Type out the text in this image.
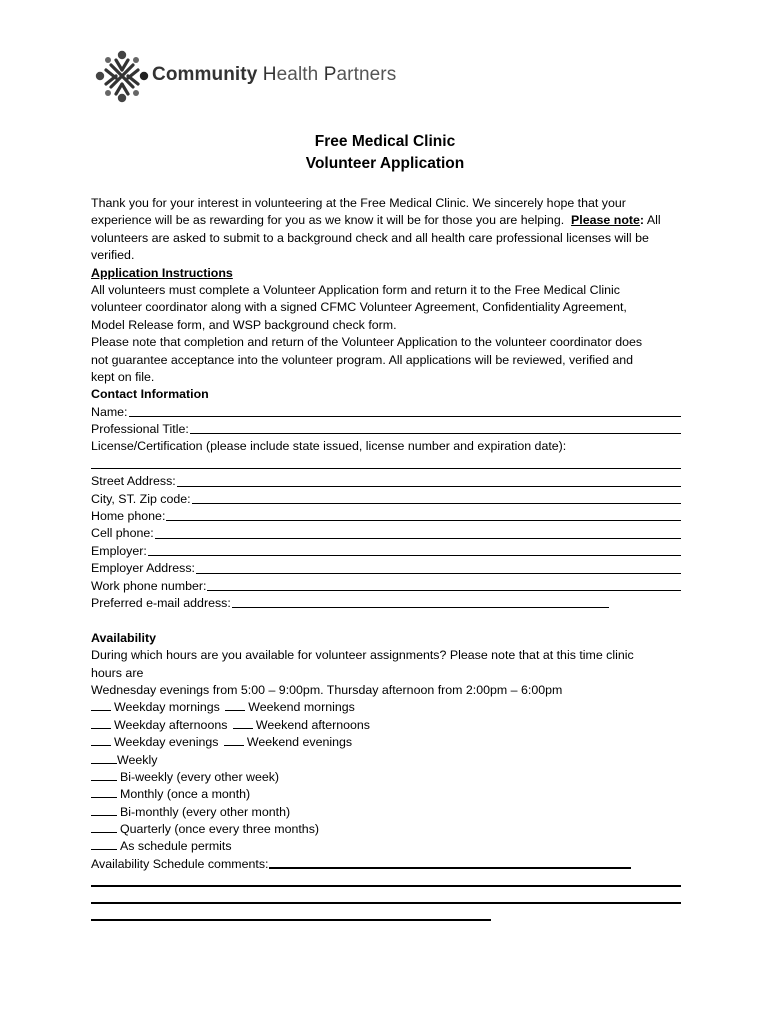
Community Health Partners
Free Medical Clinic
Volunteer Application
Thank you for your interest in volunteering at the Free Medical Clinic. We sincerely hope that your
experience will be as rewarding for you as we know it will be for those you are helping. Please note: All
volunteers are asked to submit to a background check and all health care professional licenses will be
verified.
Application Instructions
All volunteers must complete a Volunteer Application form and return it to the Free Medical Clinic
volunteer coordinator along with a signed CFMC Volunteer Agreement, Confidentiality Agreement,
Model Release form, and WSP background check form.
Please note that completion and return of the Volunteer Application to the volunteer coordinator does
not guarantee acceptance into the volunteer program. All applications will be reviewed, verified and
kept on file.
Contact Information
Name:
Professional Title:
License/Certification (please include state issued, license number and expiration date):
Street Address:
City, ST. Zip code:
Home phone:
Cell phone:
Employer:
Employer Address:
Work phone number:
Preferred e-mail address:
Availability
During which hours are you available for volunteer assignments? Please note that at this time clinic
hours are
Wednesday evenings from 5:00 – 9:00pm. Thursday afternoon from 2:00pm – 6:00pm
Weekday mornings Weekend mornings
Weekday afternoons Weekend afternoons
Weekday evenings Weekend evenings
Weekly
Bi-weekly (every other week)
Monthly (once a month)
Bi-monthly (every other month)
Quarterly (once every three months)
As schedule permits
Availability Schedule comments:
